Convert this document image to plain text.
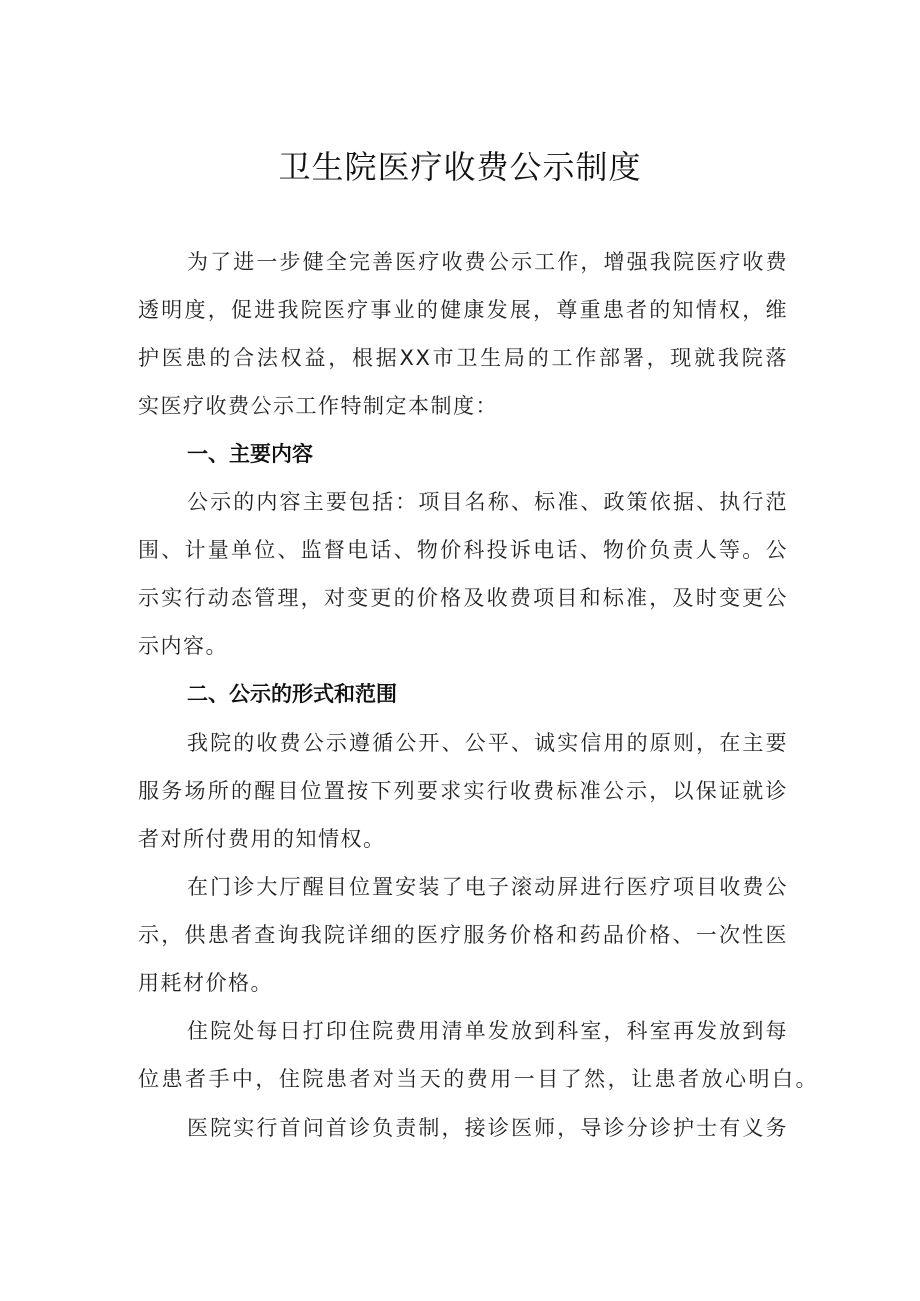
卫生院医疗收费公示制度
为了进一步健全完善医疗收费公示工作，增强我院医疗收费
透明度，促进我院医疗事业的健康发展，尊重患者的知情权，维
护医患的合法权益，根据XX市卫生局的工作部署，现就我院落
实医疗收费公示工作特制定本制度：
一、主要内容
公示的内容主要包括：项目名称、标准、政策依据、执行范
围、计量单位、监督电话、物价科投诉电话、物价负责人等。公
示实行动态管理，对变更的价格及收费项目和标准，及时变更公
示内容。
二、公示的形式和范围
我院的收费公示遵循公开、公平、诚实信用的原则，在主要
服务场所的醒目位置按下列要求实行收费标准公示，以保证就诊
者对所付费用的知情权。
在门诊大厅醒目位置安装了电子滚动屏进行医疗项目收费公
示，供患者查询我院详细的医疗服务价格和药品价格、一次性医
用耗材价格。
住院处每日打印住院费用清单发放到科室，科室再发放到每
位患者手中，住院患者对当天的费用一目了然，让患者放心明白。
医院实行首问首诊负责制，接诊医师，导诊分诊护士有义务
